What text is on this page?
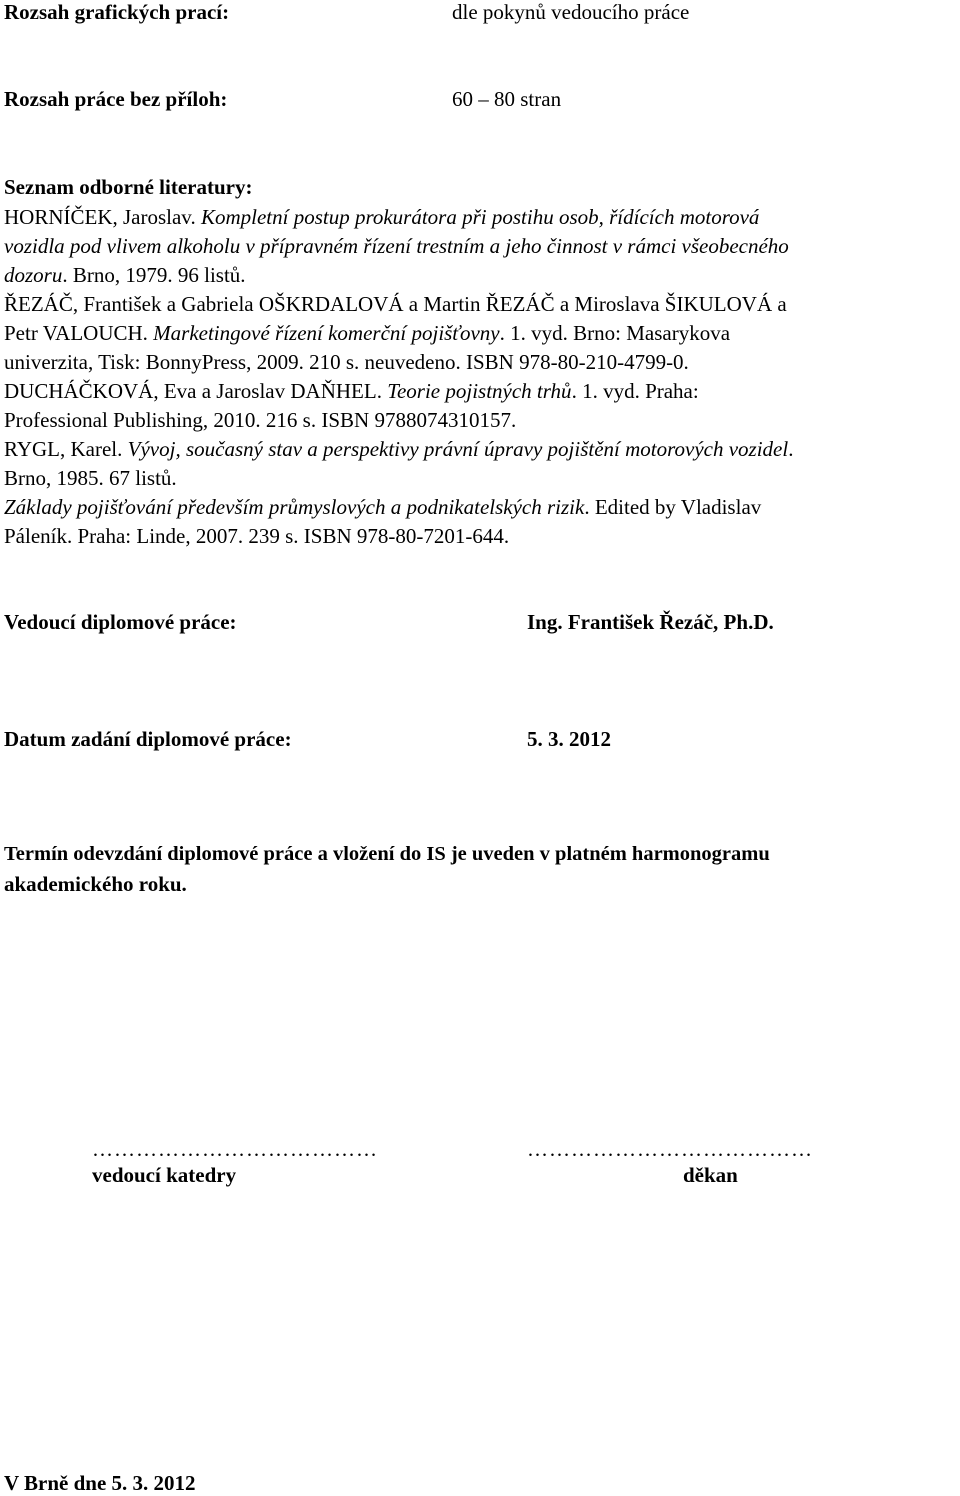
Rozsah grafických prací:	dle pokynů vedoucího práce
Rozsah práce bez příloh:	60 – 80 stran
Seznam odborné literatury:
HORNÍČEK, Jaroslav. Kompletní postup prokurátora při postihu osob, řídících motorová
vozidla pod vlivem alkoholu v přípravném řízení trestním a jeho činnost v rámci všeobecného
dozoru. Brno, 1979. 96 listů.
ŘEZÁČ, František a Gabriela OŠKRDALOVÁ a Martin ŘEZÁČ a Miroslava ŠIKULOVÁ a
Petr VALOUCH. Marketingové řízení komerční pojišťovny. 1. vyd. Brno: Masarykova
univerzita, Tisk: BonnyPress, 2009. 210 s. neuvedeno. ISBN 978-80-210-4799-0.
DUCHÁČKOVÁ, Eva a Jaroslav DAŇHEL. Teorie pojistných trhů. 1. vyd. Praha:
Professional Publishing, 2010. 216 s. ISBN 9788074310157.
RYGL, Karel. Vývoj, současný stav a perspektivy právní úpravy pojištění motorových vozidel.
Brno, 1985. 67 listů.
Základy pojišťování především průmyslových a podnikatelských rizik. Edited by Vladislav
Páleník. Praha: Linde, 2007. 239 s. ISBN 978-80-7201-644.
Vedoucí diplomové práce:	Ing. František Řezáč, Ph.D.
Datum zadání diplomové práce:	5. 3. 2012
Termín odevzdání diplomové práce a vložení do IS je uveden v platném harmonogramu
akademického roku.
…………………………………	…………………………………
vedoucí katedry	děkan
V Brně dne 5. 3. 2012
